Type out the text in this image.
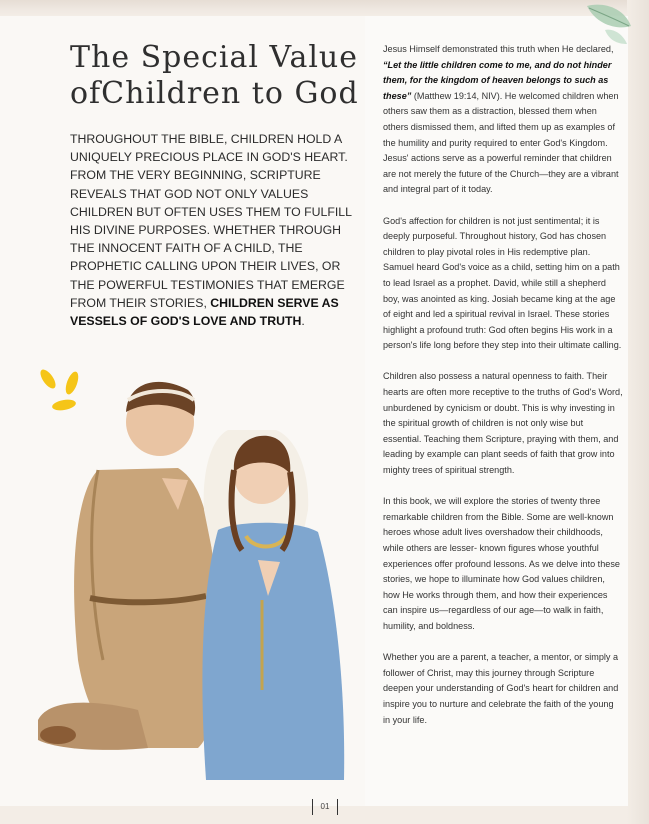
The Special Value
ofChildren to God

THROUGHOUT THE BIBLE, CHILDREN HOLD A UNIQUELY PRECIOUS PLACE IN GOD'S HEART. FROM THE VERY BEGINNING, SCRIPTURE REVEALS THAT GOD NOT ONLY VALUES CHILDREN BUT OFTEN USES THEM TO FULFILL HIS DIVINE PURPOSES. WHETHER THROUGH THE INNOCENT FAITH OF A CHILD, THE PROPHETIC CALLING UPON THEIR LIVES, OR THE POWERFUL TESTIMONIES THAT EMERGE FROM THEIR STORIES, CHILDREN SERVE AS VESSELS OF GOD'S LOVE AND TRUTH.

Jesus Himself demonstrated this truth when He declared, “Let the little children come to me, and do not hinder them, for the kingdom of heaven belongs to such as these” (Matthew 19:14, NIV). He welcomed children when others saw them as a distraction, blessed them when others dismissed them, and lifted them up as examples of the humility and purity required to enter God's Kingdom. Jesus' actions serve as a powerful reminder that children are not merely the future of the Church—they are a vibrant and integral part of it today.

God's affection for children is not just sentimental; it is deeply purposeful. Throughout history, God has chosen children to play pivotal roles in His redemptive plan. Samuel heard God's voice as a child, setting him on a path to lead Israel as a prophet. David, while still a shepherd boy, was anointed as king. Josiah became king at the age of eight and led a spiritual revival in Israel. These stories highlight a profound truth: God often begins His work in a person's life long before they step into their ultimate calling.

Children also possess a natural openness to faith. Their hearts are often more receptive to the truths of God's Word, unburdened by cynicism or doubt. This is why investing in the spiritual growth of children is not only wise but essential. Teaching them Scripture, praying with them, and leading by example can plant seeds of faith that grow into mighty trees of spiritual strength.

In this book, we will explore the stories of twenty three remarkable children from the Bible. Some are well-known heroes whose adult lives overshadow their childhoods, while others are lesser- known figures whose youthful experiences offer profound lessons. As we delve into these stories, we hope to illuminate how God values children, how He works through them, and how their experiences can inspire us—regardless of our age—to walk in faith, humility, and boldness.

Whether you are a parent, a teacher, a mentor, or simply a follower of Christ, may this journey through Scripture deepen your understanding of God's heart for children and inspire you to nurture and celebrate the faith of the young in your life.

01
